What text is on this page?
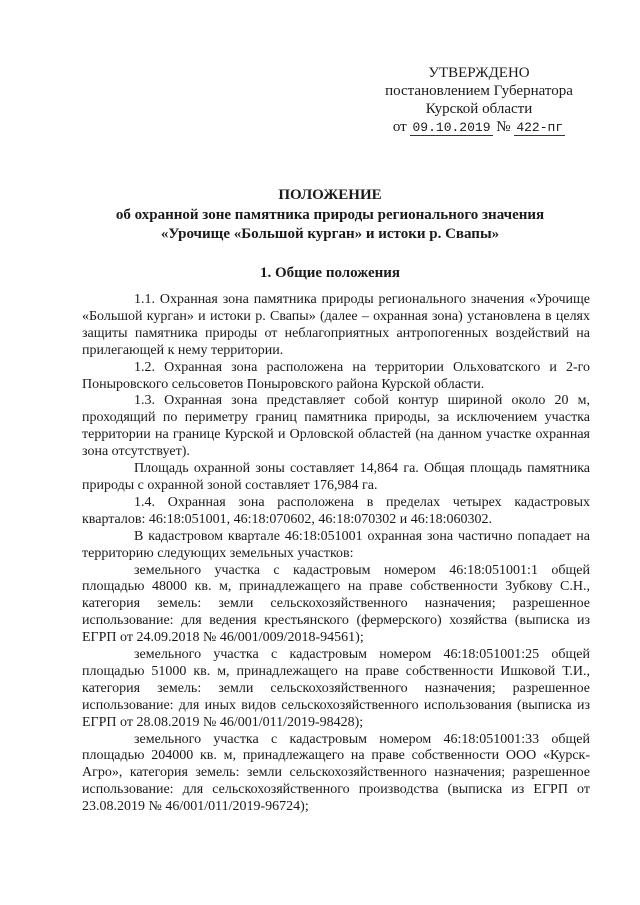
УТВЕРЖДЕНО
постановлением Губернатора
Курской области
от 09.10.2019 № 422-пг
ПОЛОЖЕНИЕ
об охранной зоне памятника природы регионального значения
«Урочище «Большой курган» и истоки р. Свапы»
1. Общие положения

1.1. Охранная зона памятника природы регионального значения «Урочище «Большой курган» и истоки р. Свапы» (далее – охранная зона) установлена в целях защиты памятника природы от неблагоприятных антропогенных воздействий на прилегающей к нему территории.

1.2. Охранная зона расположена на территории Ольховатского и 2-го Поныровского сельсоветов Поныровского района Курской области.

1.3. Охранная зона представляет собой контур шириной около 20 м, проходящий по периметру границ памятника природы, за исключением участка территории на границе Курской и Орловской областей (на данном участке охранная зона отсутствует).

Площадь охранной зоны составляет 14,864 га. Общая площадь памятника природы с охранной зоной составляет 176,984 га.

1.4. Охранная зона расположена в пределах четырех кадастровых кварталов: 46:18:051001, 46:18:070602, 46:18:070302 и 46:18:060302.

В кадастровом квартале 46:18:051001 охранная зона частично попадает на территорию следующих земельных участков:

земельного участка с кадастровым номером 46:18:051001:1 общей площадью 48000 кв. м, принадлежащего на праве собственности Зубкову С.Н., категория земель: земли сельскохозяйственного назначения; разрешенное использование: для ведения крестьянского (фермерского) хозяйства (выписка из ЕГРП от 24.09.2018 № 46/001/009/2018-94561);

земельного участка с кадастровым номером 46:18:051001:25 общей площадью 51000 кв. м, принадлежащего на праве собственности Ишковой Т.И., категория земель: земли сельскохозяйственного назначения; разрешенное использование: для иных видов сельскохозяйственного использования (выписка из ЕГРП от 28.08.2019 № 46/001/011/2019-98428);

земельного участка с кадастровым номером 46:18:051001:33 общей площадью 204000 кв. м, принадлежащего на праве собственности ООО «Курск-Агро», категория земель: земли сельскохозяйственного назначения; разрешенное использование: для сельскохозяйственного производства (выписка из ЕГРП от 23.08.2019 № 46/001/011/2019-96724);
